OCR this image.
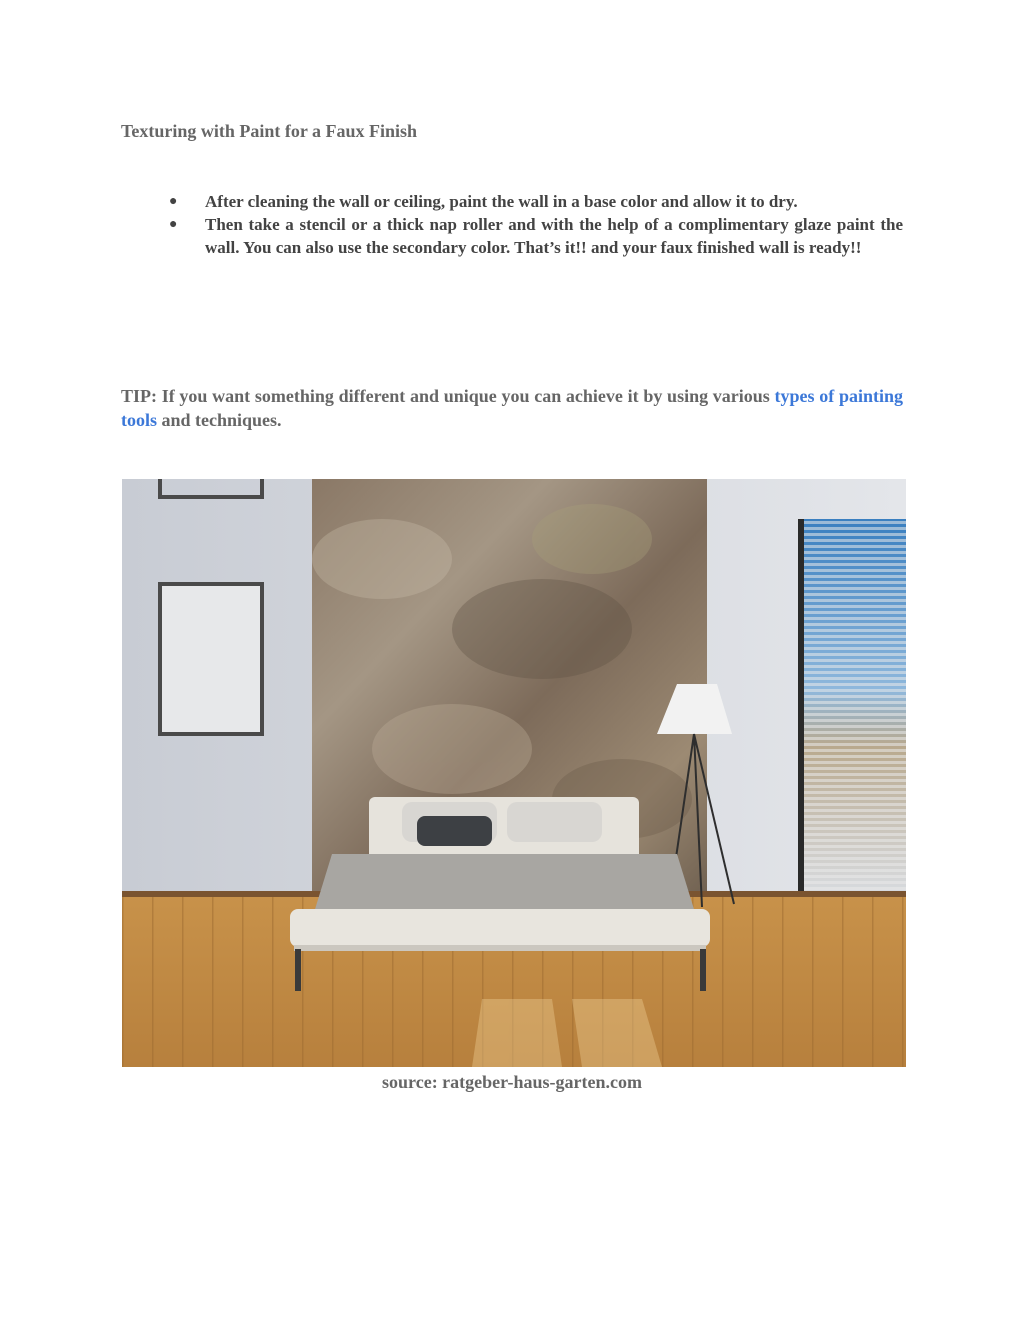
Texturing with Paint for a Faux Finish
● After cleaning the wall or ceiling, paint the wall in a base color and allow it to dry.
● Then take a stencil or a thick nap roller and with the help of a complimentary glaze paint the wall. You can also use the secondary color. That’s it!! and your faux finished wall is ready!!
TIP: If you want something different and unique you can achieve it by using various types of painting tools and techniques.
source: ratgeber-haus-garten.com
